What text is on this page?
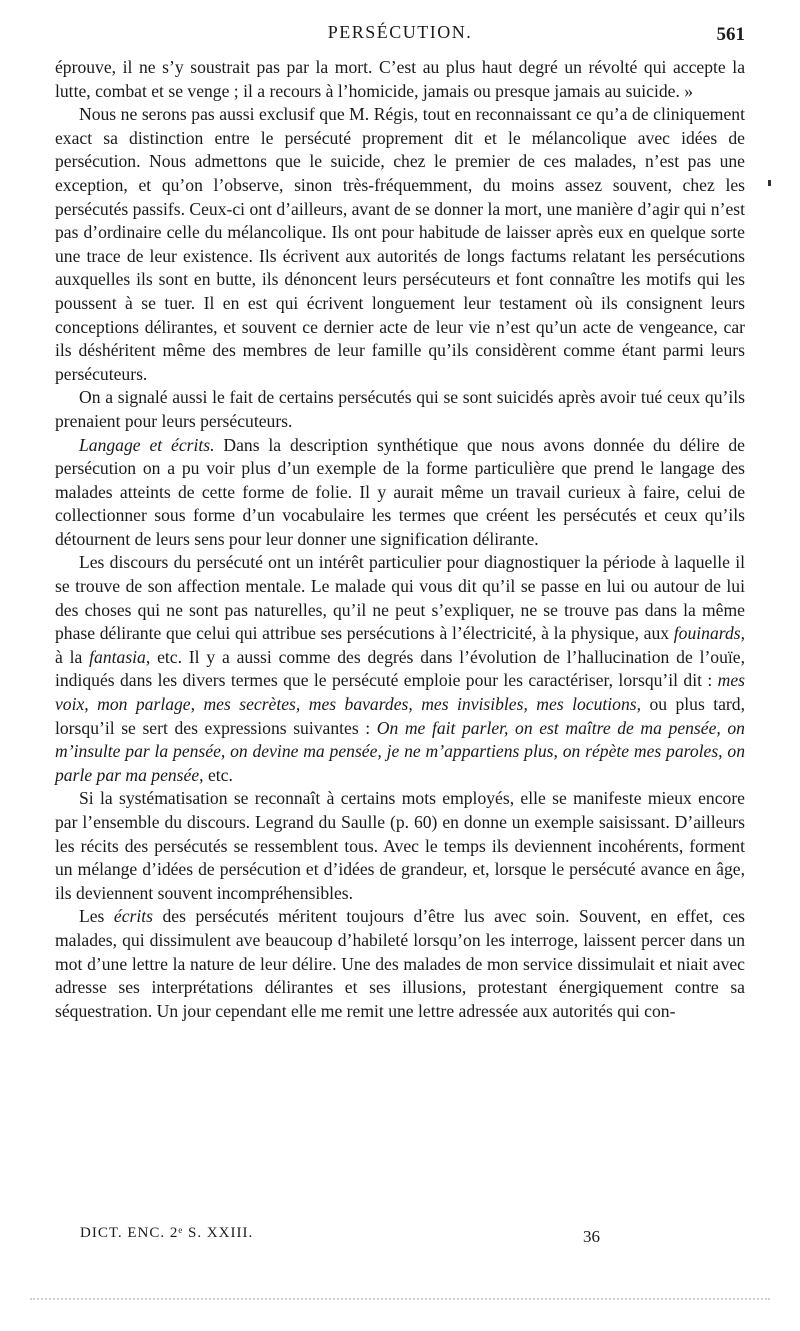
PERSÉCUTION.	561

éprouve, il ne s’y soustrait pas par la mort. C’est au plus haut degré un révolté qui accepte la lutte, combat et se venge ; il a recours à l’homicide, jamais ou presque jamais au suicide. »

Nous ne serons pas aussi exclusif que M. Régis, tout en reconnaissant ce qu’a de cliniquement exact sa distinction entre le persécuté proprement dit et le mélancolique avec idées de persécution. Nous admettons que le suicide, chez le premier de ces malades, n’est pas une exception, et qu’on l’observe, sinon très-fréquemment, du moins assez souvent, chez les persécutés passifs. Ceux-ci ont d’ailleurs, avant de se donner la mort, une manière d’agir qui n’est pas d’ordinaire celle du mélancolique. Ils ont pour habitude de laisser après eux en quelque sorte une trace de leur existence. Ils écrivent aux autorités de longs factums relatant les persécutions auxquelles ils sont en butte, ils dénoncent leurs persécuteurs et font connaître les motifs qui les poussent à se tuer. Il en est qui écrivent longuement leur testament où ils consignent leurs conceptions délirantes, et souvent ce dernier acte de leur vie n’est qu’un acte de vengeance, car ils déshéritent même des membres de leur famille qu’ils considèrent comme étant parmi leurs persécuteurs.

On a signalé aussi le fait de certains persécutés qui se sont suicidés après avoir tué ceux qu’ils prenaient pour leurs persécuteurs.

Langage et écrits. Dans la description synthétique que nous avons donnée du délire de persécution on a pu voir plus d’un exemple de la forme particulière que prend le langage des malades atteints de cette forme de folie. Il y aurait même un travail curieux à faire, celui de collectionner sous forme d’un vocabulaire les termes que créent les persécutés et ceux qu’ils détournent de leurs sens pour leur donner une signification délirante.

Les discours du persécuté ont un intérêt particulier pour diagnostiquer la période à laquelle il se trouve de son affection mentale. Le malade qui vous dit qu’il se passe en lui ou autour de lui des choses qui ne sont pas naturelles, qu’il ne peut s’expliquer, ne se trouve pas dans la même phase délirante que celui qui attribue ses persécutions à l’électricité, à la physique, aux fouinards, à la fantasia, etc. Il y a aussi comme des degrés dans l’évolution de l’hallucination de l’ouïe, indiqués dans les divers termes que le persécuté emploie pour les caractériser, lorsqu’il dit : mes voix, mon parlage, mes secrètes, mes bavardes, mes invisibles, mes locutions, ou plus tard, lorsqu’il se sert des expressions suivantes : On me fait parler, on est maître de ma pensée, on m’insulte par la pensée, on devine ma pensée, je ne m’appartiens plus, on répète mes paroles, on parle par ma pensée, etc.

Si la systématisation se reconnaît à certains mots employés, elle se manifeste mieux encore par l’ensemble du discours. Legrand du Saulle (p. 60) en donne un exemple saisissant. D’ailleurs les récits des persécutés se ressemblent tous. Avec le temps ils deviennent incohérents, forment un mélange d’idées de persécution et d’idées de grandeur, et, lorsque le persécuté avance en âge, ils deviennent souvent incompréhensibles.

Les écrits des persécutés méritent toujours d’être lus avec soin. Souvent, en effet, ces malades, qui dissimulent ave beaucoup d’habileté lorsqu’on les interroge, laissent percer dans un mot d’une lettre la nature de leur délire. Une des malades de mon service dissimulait et niait avec adresse ses interprétations délirantes et ses illusions, protestant énergiquement contre sa séquestration. Un jour cependant elle me remit une lettre adressée aux autorités qui con-

DICT. ENC. 2ᵉ S. XXIII.	36
